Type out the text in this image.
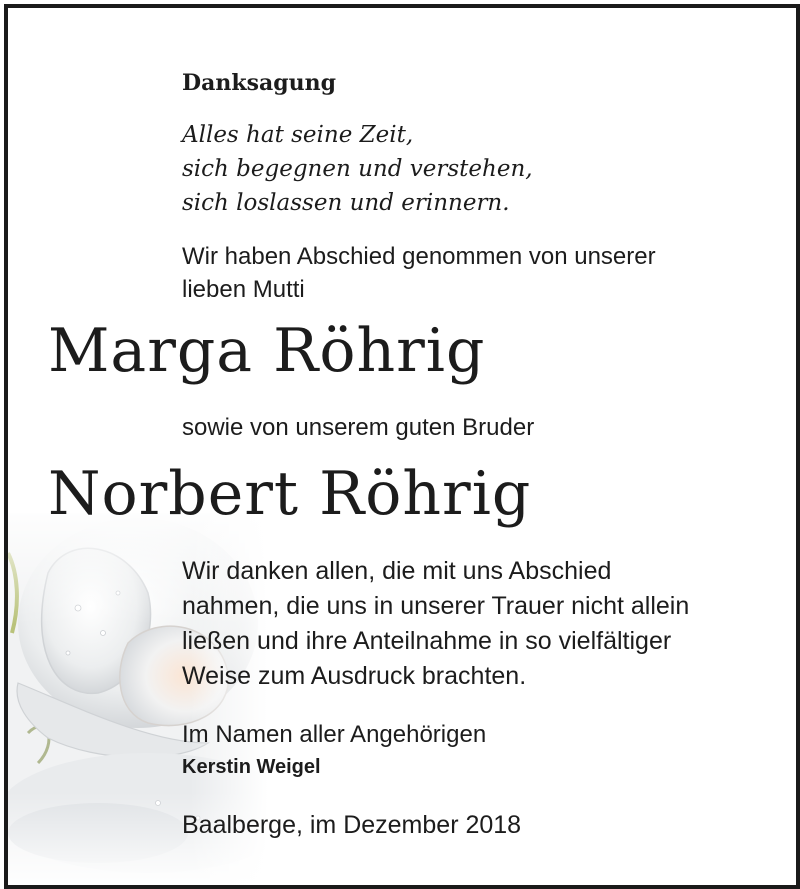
Danksagung
Alles hat seine Zeit,
sich begegnen und verstehen,
sich loslassen und erinnern.
Wir haben Abschied genommen von unserer
lieben Mutti
Marga Röhrig
sowie von unserem guten Bruder
Norbert Röhrig
Wir danken allen, die mit uns Abschied
nahmen, die uns in unserer Trauer nicht allein
ließen und ihre Anteilnahme in so vielfältiger
Weise zum Ausdruck brachten.
Im Namen aller Angehörigen
Kerstin Weigel
Baalberge, im Dezember 2018
